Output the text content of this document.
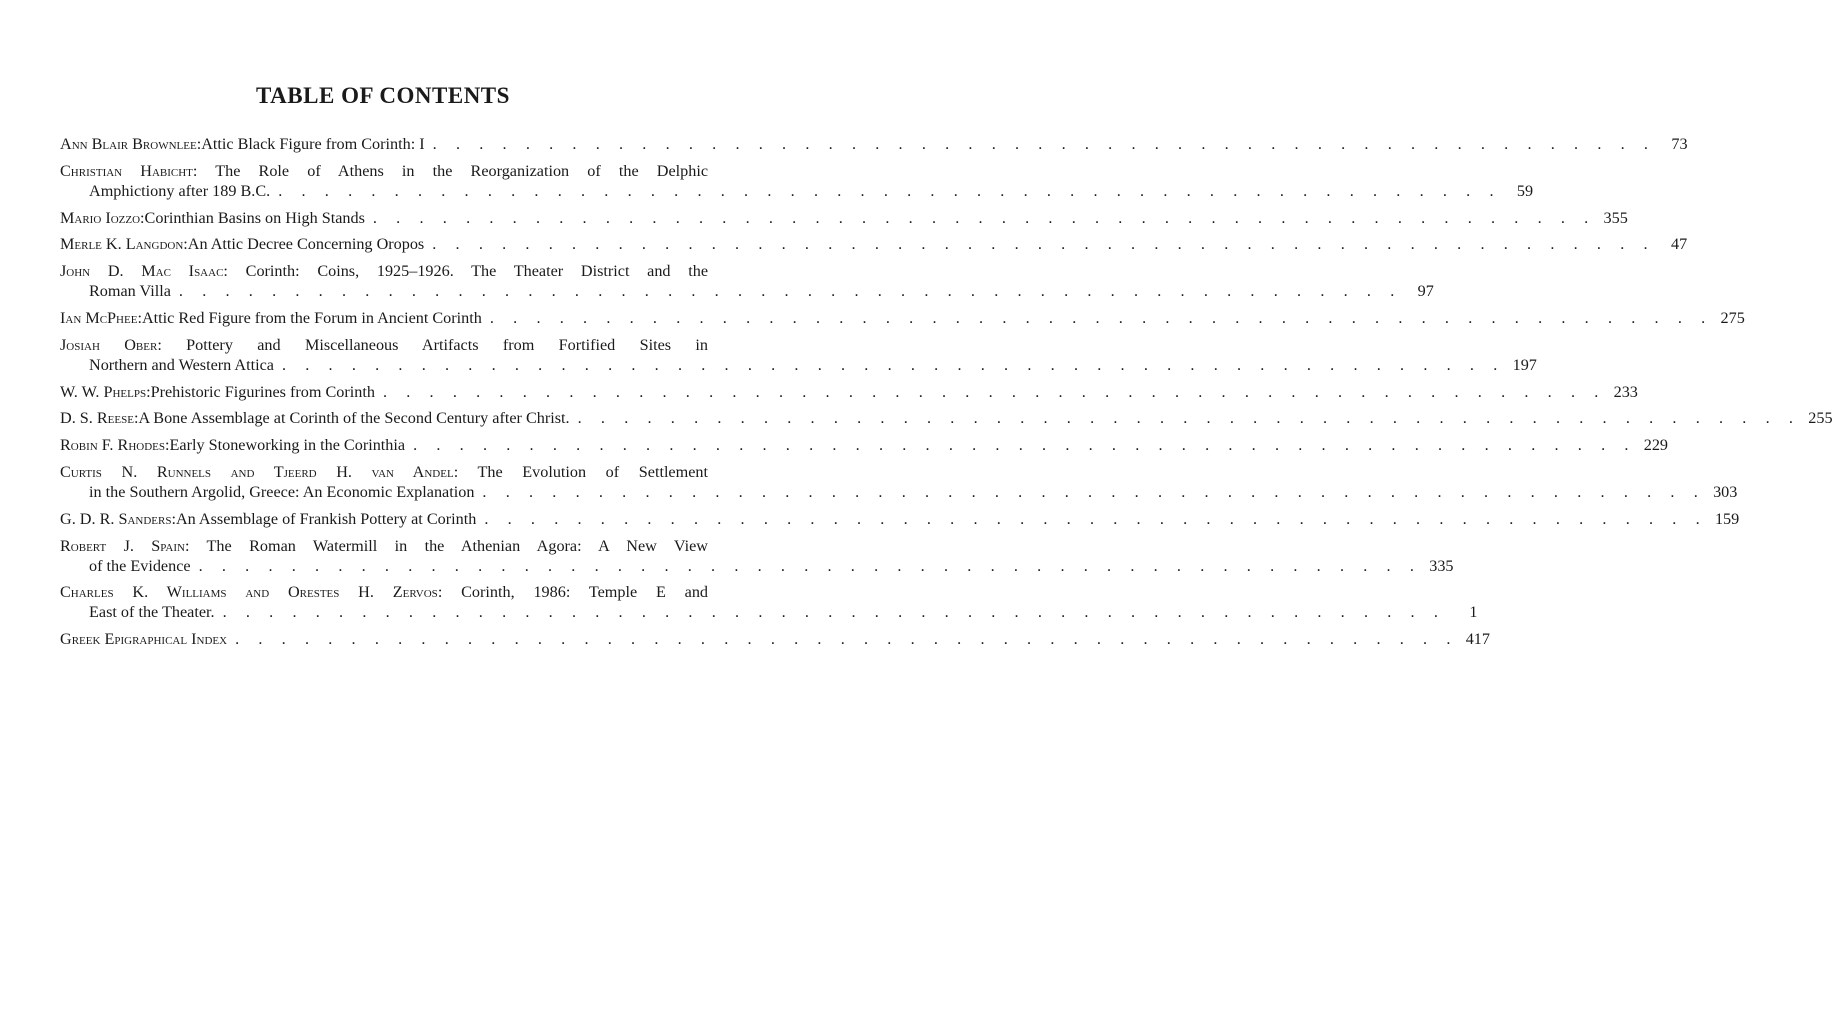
TABLE OF CONTENTS
Ann Blair Brownlee : Attic Black Figure from Corinth: I . . . . . . . . . . . . . . . . . . . . . . . . . . . . . . . . . . . . . . . . . . . . . . . . . . . . . 73
Christian Habicht: The Role of Athens in the Reorganization of the Delphic
Amphictiony after 189 B.C. . . . . . . . . . . . . . . . . . . . . . . . . . . . . . . . . . . . . . . . . . . . . . . . . . . . . . 59
Mario Iozzo : Corinthian Basins on High Stands . . . . . . . . . . . . . . . . . . . . . . . . . . . . . . . . . . . . . . . . . . . . . . . . . . . . . 355
Merle K. Langdon : An Attic Decree Concerning Oropos . . . . . . . . . . . . . . . . . . . . . . . . . . . . . . . . . . . . . . . . . . . . . . . . . . . . . 47
John D. Mac Isaac: Corinth: Coins, 1925–1926. The Theater District and the
Roman Villa . . . . . . . . . . . . . . . . . . . . . . . . . . . . . . . . . . . . . . . . . . . . . . . . . . . . . 97
Ian McPhee : Attic Red Figure from the Forum in Ancient Corinth . . . . . . . . . . . . . . . . . . . . . . . . . . . . . . . . . . . . . . . . . . . . . . . . . . . . . 275
Josiah Ober: Pottery and Miscellaneous Artifacts from Fortified Sites in
Northern and Western Attica . . . . . . . . . . . . . . . . . . . . . . . . . . . . . . . . . . . . . . . . . . . . . . . . . . . . . 197
W. W. Phelps : Prehistoric Figurines from Corinth . . . . . . . . . . . . . . . . . . . . . . . . . . . . . . . . . . . . . . . . . . . . . . . . . . . . . 233
D. S. Reese : A Bone Assemblage at Corinth of the Second Century after Christ. . . . . . . . . . . . . . . . . . . . . . . . . . . . . . . . . . . . . . . . . . . . . . . . . . . . . . 255
Robin F. Rhodes : Early Stoneworking in the Corinthia . . . . . . . . . . . . . . . . . . . . . . . . . . . . . . . . . . . . . . . . . . . . . . . . . . . . . 229
Curtis N. Runnels and Tjeerd H. van Andel: The Evolution of Settlement
in the Southern Argolid, Greece: An Economic Explanation . . . . . . . . . . . . . . . . . . . . . . . . . . . . . . . . . . . . . . . . . . . . . . . . . . . . . 303
G. D. R. Sanders : An Assemblage of Frankish Pottery at Corinth . . . . . . . . . . . . . . . . . . . . . . . . . . . . . . . . . . . . . . . . . . . . . . . . . . . . . 159
Robert J. Spain: The Roman Watermill in the Athenian Agora: A New View
of the Evidence . . . . . . . . . . . . . . . . . . . . . . . . . . . . . . . . . . . . . . . . . . . . . . . . . . . . . 335
Charles K. Williams and Orestes H. Zervos: Corinth, 1986: Temple E and
East of the Theater. . . . . . . . . . . . . . . . . . . . . . . . . . . . . . . . . . . . . . . . . . . . . . . . . . . . . .	1
Greek Epigraphical Index . . . . . . . . . . . . . . . . . . . . . . . . . . . . . . . . . . . . . . . . . . . . . . . . . . . . . 417
